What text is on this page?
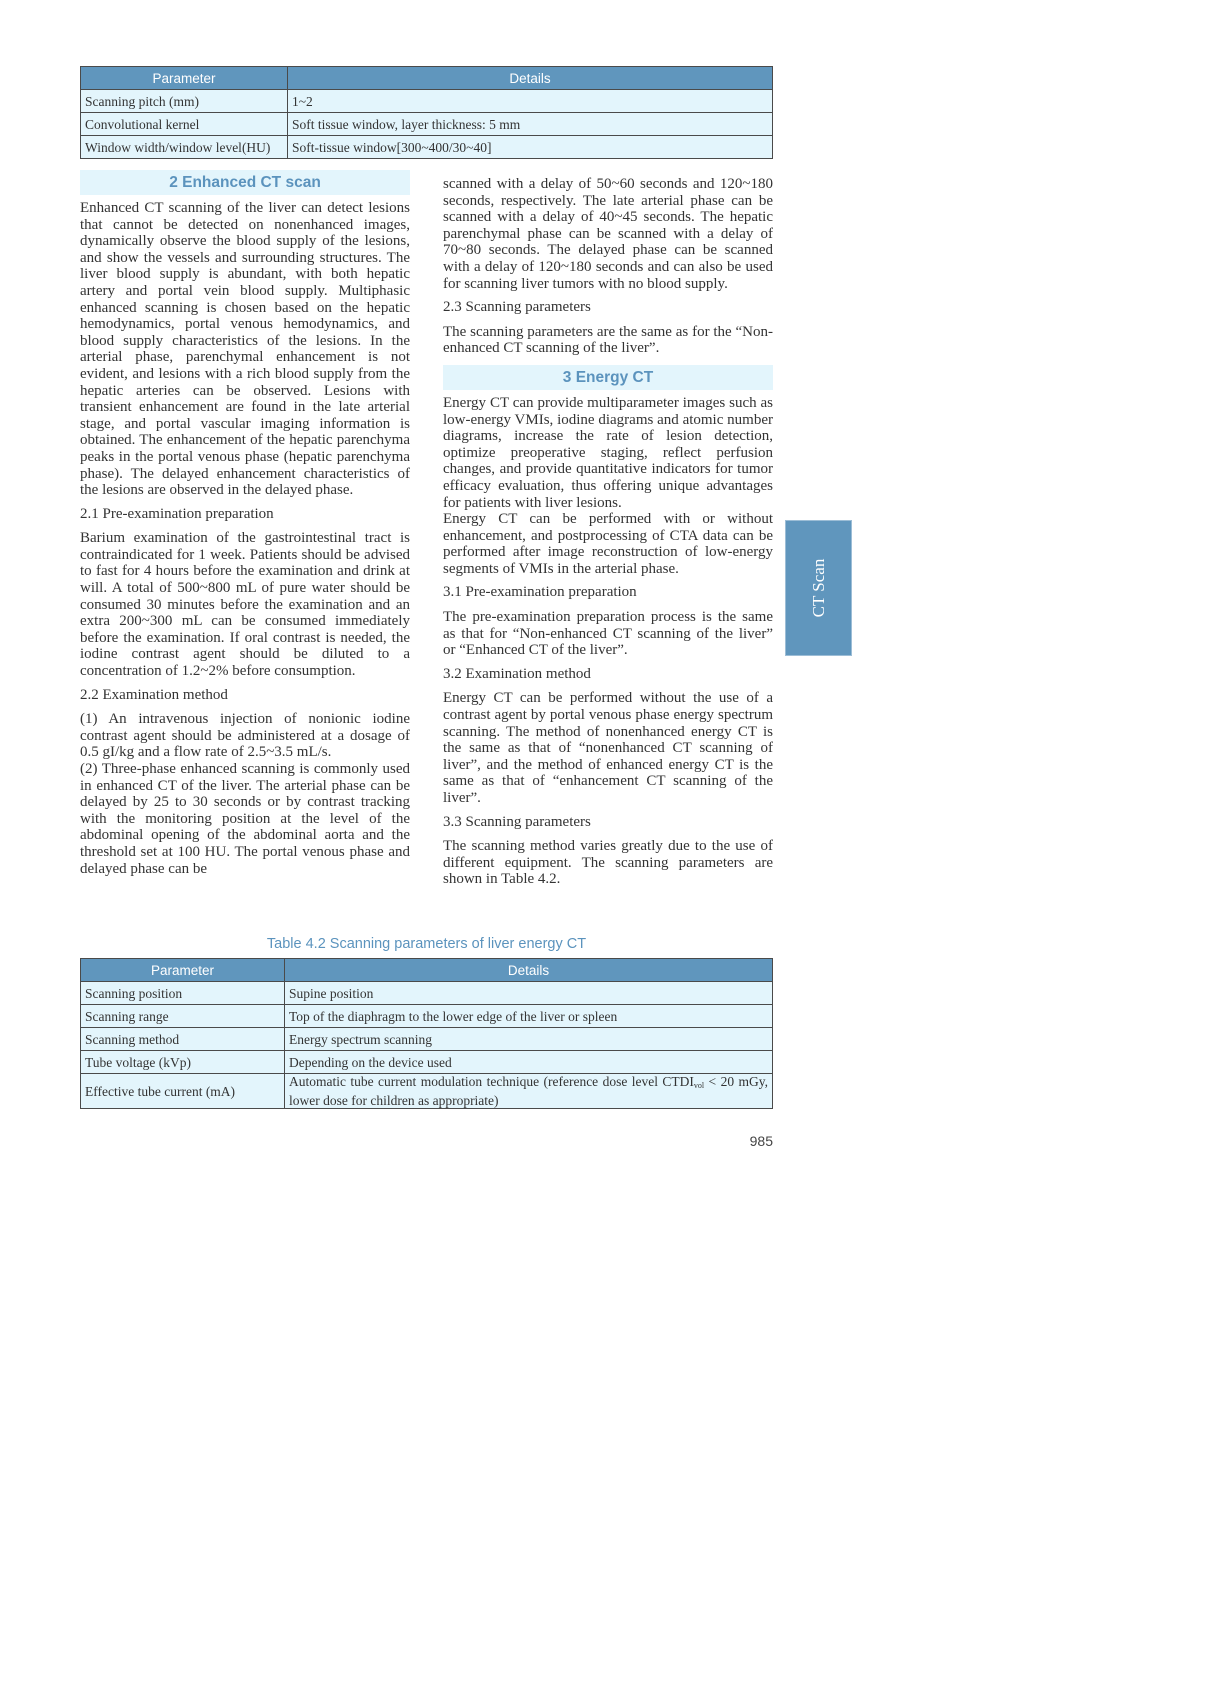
Parameter	Details
Scanning pitch (mm)	1~2
Convolutional kernel	Soft tissue window, layer thickness: 5 mm
Window width/window level(HU)	Soft-tissue window[300~400/30~40]
2 Enhanced CT scan

Enhanced CT scanning of the liver can detect lesions that cannot be detected on nonenhanced images, dynamically observe the blood supply of the lesions, and show the vessels and surrounding structures. The liver blood supply is abundant, with both hepatic artery and portal vein blood supply. Multiphasic enhanced scanning is chosen based on the hepatic hemodynamics, portal venous hemodynamics, and blood supply characteristics of the lesions. In the arterial phase, parenchymal enhancement is not evident, and lesions with a rich blood supply from the hepatic arteries can be observed. Lesions with transient enhancement are found in the late arterial stage, and portal vascular imaging information is obtained. The enhancement of the hepatic parenchyma peaks in the portal venous phase (hepatic parenchyma phase). The delayed enhancement characteristics of the lesions are observed in the delayed phase.

2.1 Pre-examination preparation

Barium examination of the gastrointestinal tract is contraindicated for 1 week. Patients should be advised to fast for 4 hours before the examination and drink at will. A total of 500~800 mL of pure water should be consumed 30 minutes before the examination and an extra 200~300 mL can be consumed immediately before the examination. If oral contrast is needed, the iodine contrast agent should be diluted to a concentration of 1.2~2% before consumption.

2.2 Examination method

(1) An intravenous injection of nonionic iodine contrast agent should be administered at a dosage of 0.5 gI/kg and a flow rate of 2.5~3.5 mL/s.

(2) Three-phase enhanced scanning is commonly used in enhanced CT of the liver. The arterial phase can be delayed by 25 to 30 seconds or by contrast tracking with the monitoring position at the level of the abdominal opening of the abdominal aorta and the threshold set at 100 HU. The portal venous phase and delayed phase can be

scanned with a delay of 50~60 seconds and 120~180 seconds, respectively. The late arterial phase can be scanned with a delay of 40~45 seconds. The hepatic parenchymal phase can be scanned with a delay of 70~80 seconds. The delayed phase can be scanned with a delay of 120~180 seconds and can also be used for scanning liver tumors with no blood supply.

2.3 Scanning parameters

The scanning parameters are the same as for the “Non-enhanced CT scanning of the liver”.

3 Energy CT

Energy CT can provide multiparameter images such as low-energy VMIs, iodine diagrams and atomic number diagrams, increase the rate of lesion detection, optimize preoperative staging, reflect perfusion changes, and provide quantitative indicators for tumor efficacy evaluation, thus offering unique advantages for patients with liver lesions.

Energy CT can be performed with or without enhancement, and postprocessing of CTA data can be performed after image reconstruction of low-energy segments of VMIs in the arterial phase.

3.1 Pre-examination preparation

The pre-examination preparation process is the same as that for “Non-enhanced CT scanning of the liver” or “Enhanced CT of the liver”.

3.2 Examination method

Energy CT can be performed without the use of a contrast agent by portal venous phase energy spectrum scanning. The method of nonenhanced energy CT is the same as that of “nonenhanced CT scanning of liver”, and the method of enhanced energy CT is the same as that of “enhancement CT scanning of the liver”.

3.3 Scanning parameters

The scanning method varies greatly due to the use of different equipment. The scanning parameters are shown in Table 4.2.

Table 4.2 Scanning parameters of liver energy CT
Parameter	Details
Scanning position	Supine position
Scanning range	Top of the diaphragm to the lower edge of the liver or spleen
Scanning method	Energy spectrum scanning
Tube voltage (kVp)	Depending on the device used
Effective tube current (mA)	Automatic tube current modulation technique (reference dose level $CTDI_{vol} < 20$ mGy, lower dose for children as appropriate)
CT Scan
985
